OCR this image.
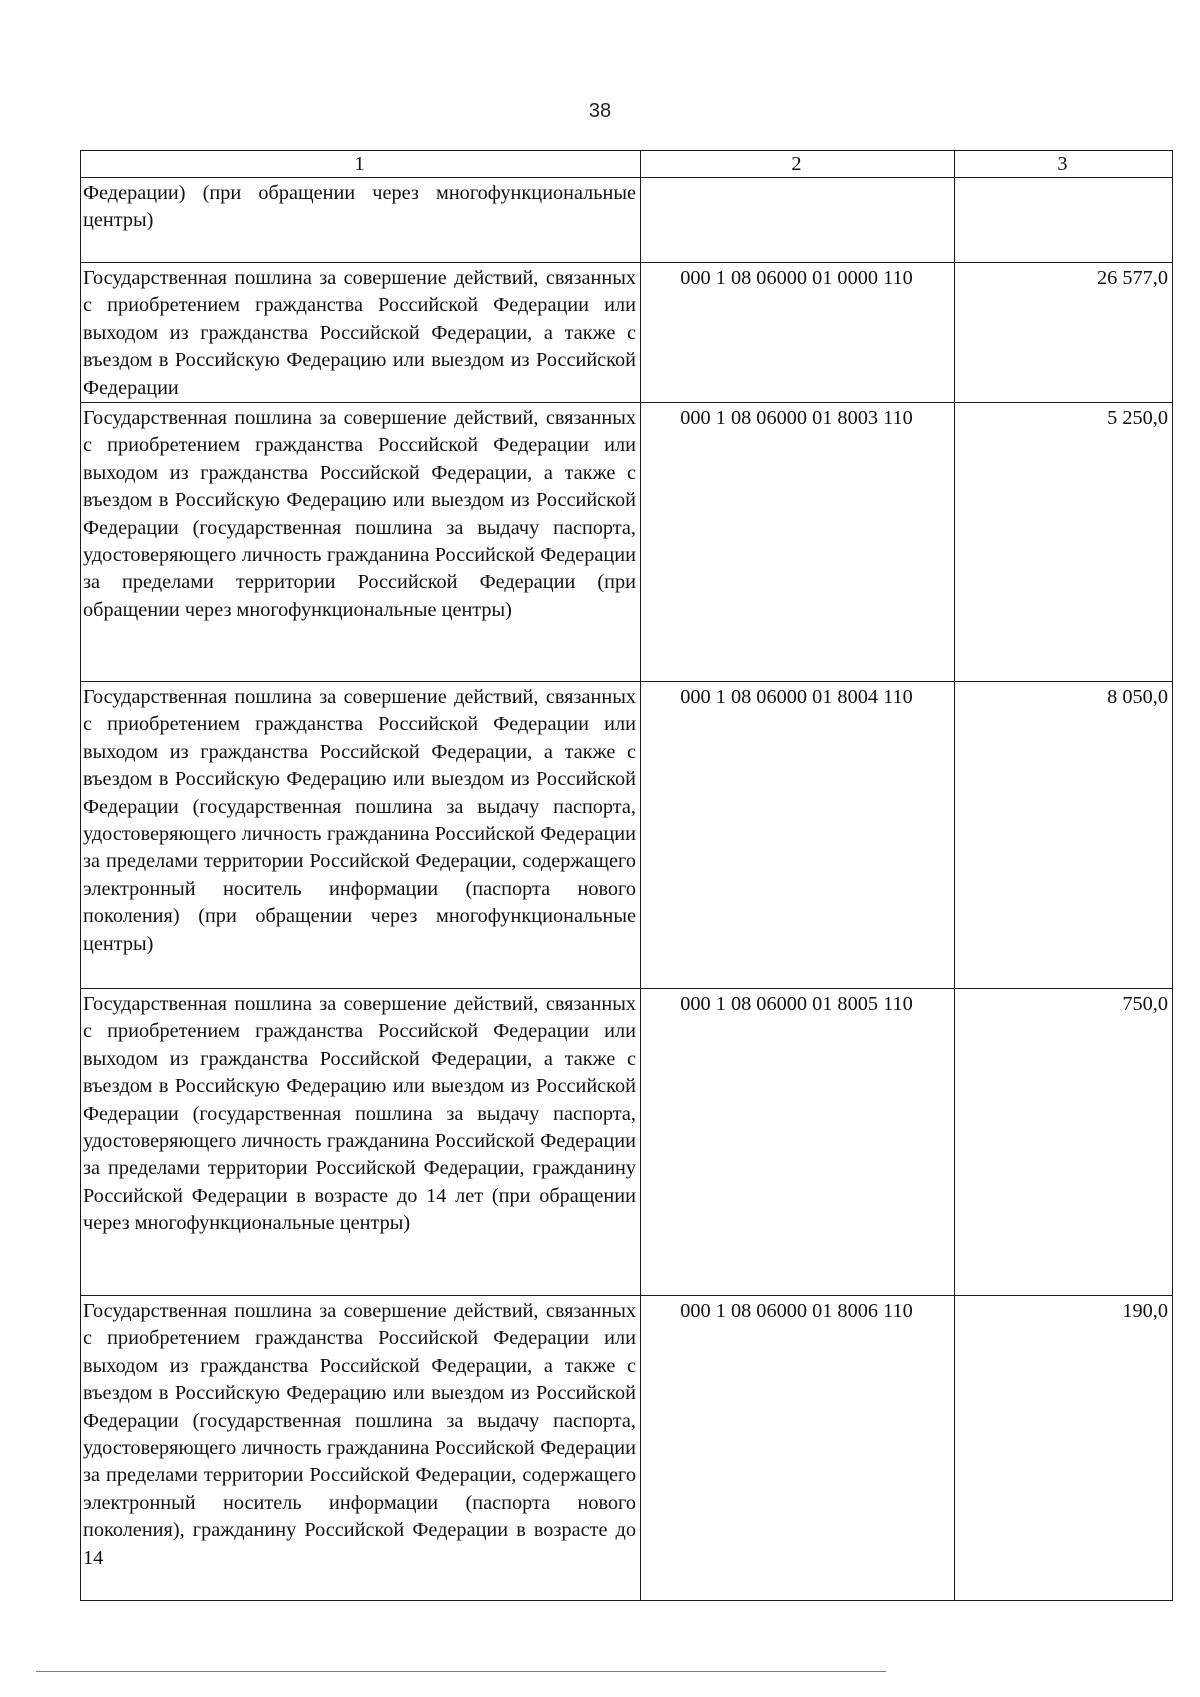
38
1	2	3
Федерации) (при обращении через многофункциональные центры)		
Государственная пошлина за совершение действий, связанных с приобретением гражданства Российской Федерации или выходом из гражданства Российской Федерации, а также с въездом в Российскую Федерацию или выездом из Российской Федерации	000 1 08 06000 01 0000 110	26 577,0
Государственная пошлина за совершение действий, связанных с приобретением гражданства Российской Федерации или выходом из гражданства Российской Федерации, а также с въездом в Российскую Федерацию или выездом из Российской Федерации (государственная пошлина за выдачу паспорта, удостоверяющего личность гражданина Российской Федерации за пределами территории Российской Федерации (при обращении через многофункциональные центры)	000 1 08 06000 01 8003 110	5 250,0
Государственная пошлина за совершение действий, связанных с приобретением гражданства Российской Федерации или выходом из гражданства Российской Федерации, а также с въездом в Российскую Федерацию или выездом из Российской Федерации (государственная пошлина за выдачу паспорта, удостоверяющего личность гражданина Российской Федерации за пределами территории Российской Федерации, содержащего электронный носитель информации (паспорта нового поколения) (при обращении через многофункциональные центры)	000 1 08 06000 01 8004 110	8 050,0
Государственная пошлина за совершение действий, связанных с приобретением гражданства Российской Федерации или выходом из гражданства Российской Федерации, а также с въездом в Российскую Федерацию или выездом из Российской Федерации (государственная пошлина за выдачу паспорта, удостоверяющего личность гражданина Российской Федерации за пределами территории Российской Федерации, гражданину Российской Федерации в возрасте до 14 лет (при обращении через многофункциональные центры)	000 1 08 06000 01 8005 110	750,0
Государственная пошлина за совершение действий, связанных с приобретением гражданства Российской Федерации или выходом из гражданства Российской Федерации, а также с въездом в Российскую Федерацию или выездом из Российской Федерации (государственная пошлина за выдачу паспорта, удостоверяющего личность гражданина Российской Федерации за пределами территории Российской Федерации, содержащего электронный носитель информации (паспорта нового поколения), гражданину Российской Федерации в возрасте до 14	000 1 08 06000 01 8006 110	190,0
